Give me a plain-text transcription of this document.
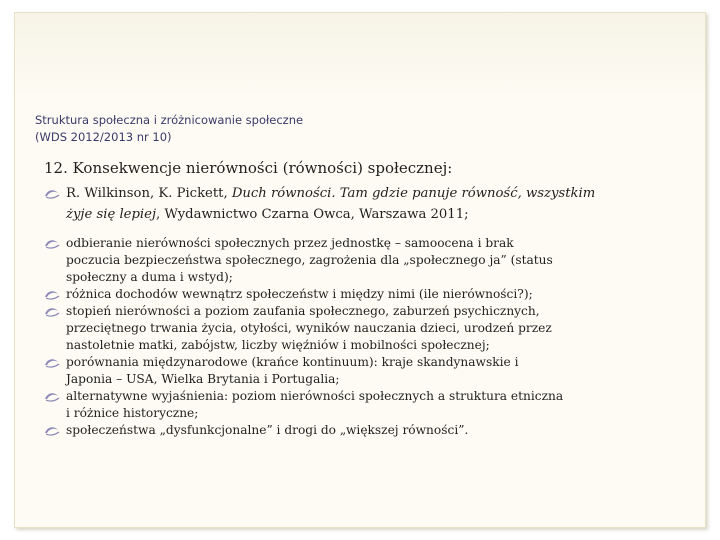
Struktura społeczna i zróżnicowanie społeczne
(WDS 2012/2013 nr 10)
12. Konsekwencje nierówności (równości) społecznej:
R. Wilkinson, K. Pickett, Duch równości. Tam gdzie panuje równość, wszystkim
żyje się lepiej, Wydawnictwo Czarna Owca, Warszawa 2011;
odbieranie nierówności społecznych przez jednostkę – samoocena i brak
poczucia bezpieczeństwa społecznego, zagrożenia dla „społecznego ja” (status
społeczny a duma i wstyd);
różnica dochodów wewnątrz społeczeństw i między nimi (ile nierówności?);
stopień nierówności a poziom zaufania społecznego, zaburzeń psychicznych,
przeciętnego trwania życia, otyłości, wyników nauczania dzieci, urodzeń przez
nastoletnie matki, zabójstw, liczby więźniów i mobilności społecznej;
porównania międzynarodowe (krańce kontinuum): kraje skandynawskie i
Japonia – USA, Wielka Brytania i Portugalia;
alternatywne wyjaśnienia: poziom nierówności społecznych a struktura etniczna
i różnice historyczne;
społeczeństwa „dysfunkcjonalne” i drogi do „większej równości”.
